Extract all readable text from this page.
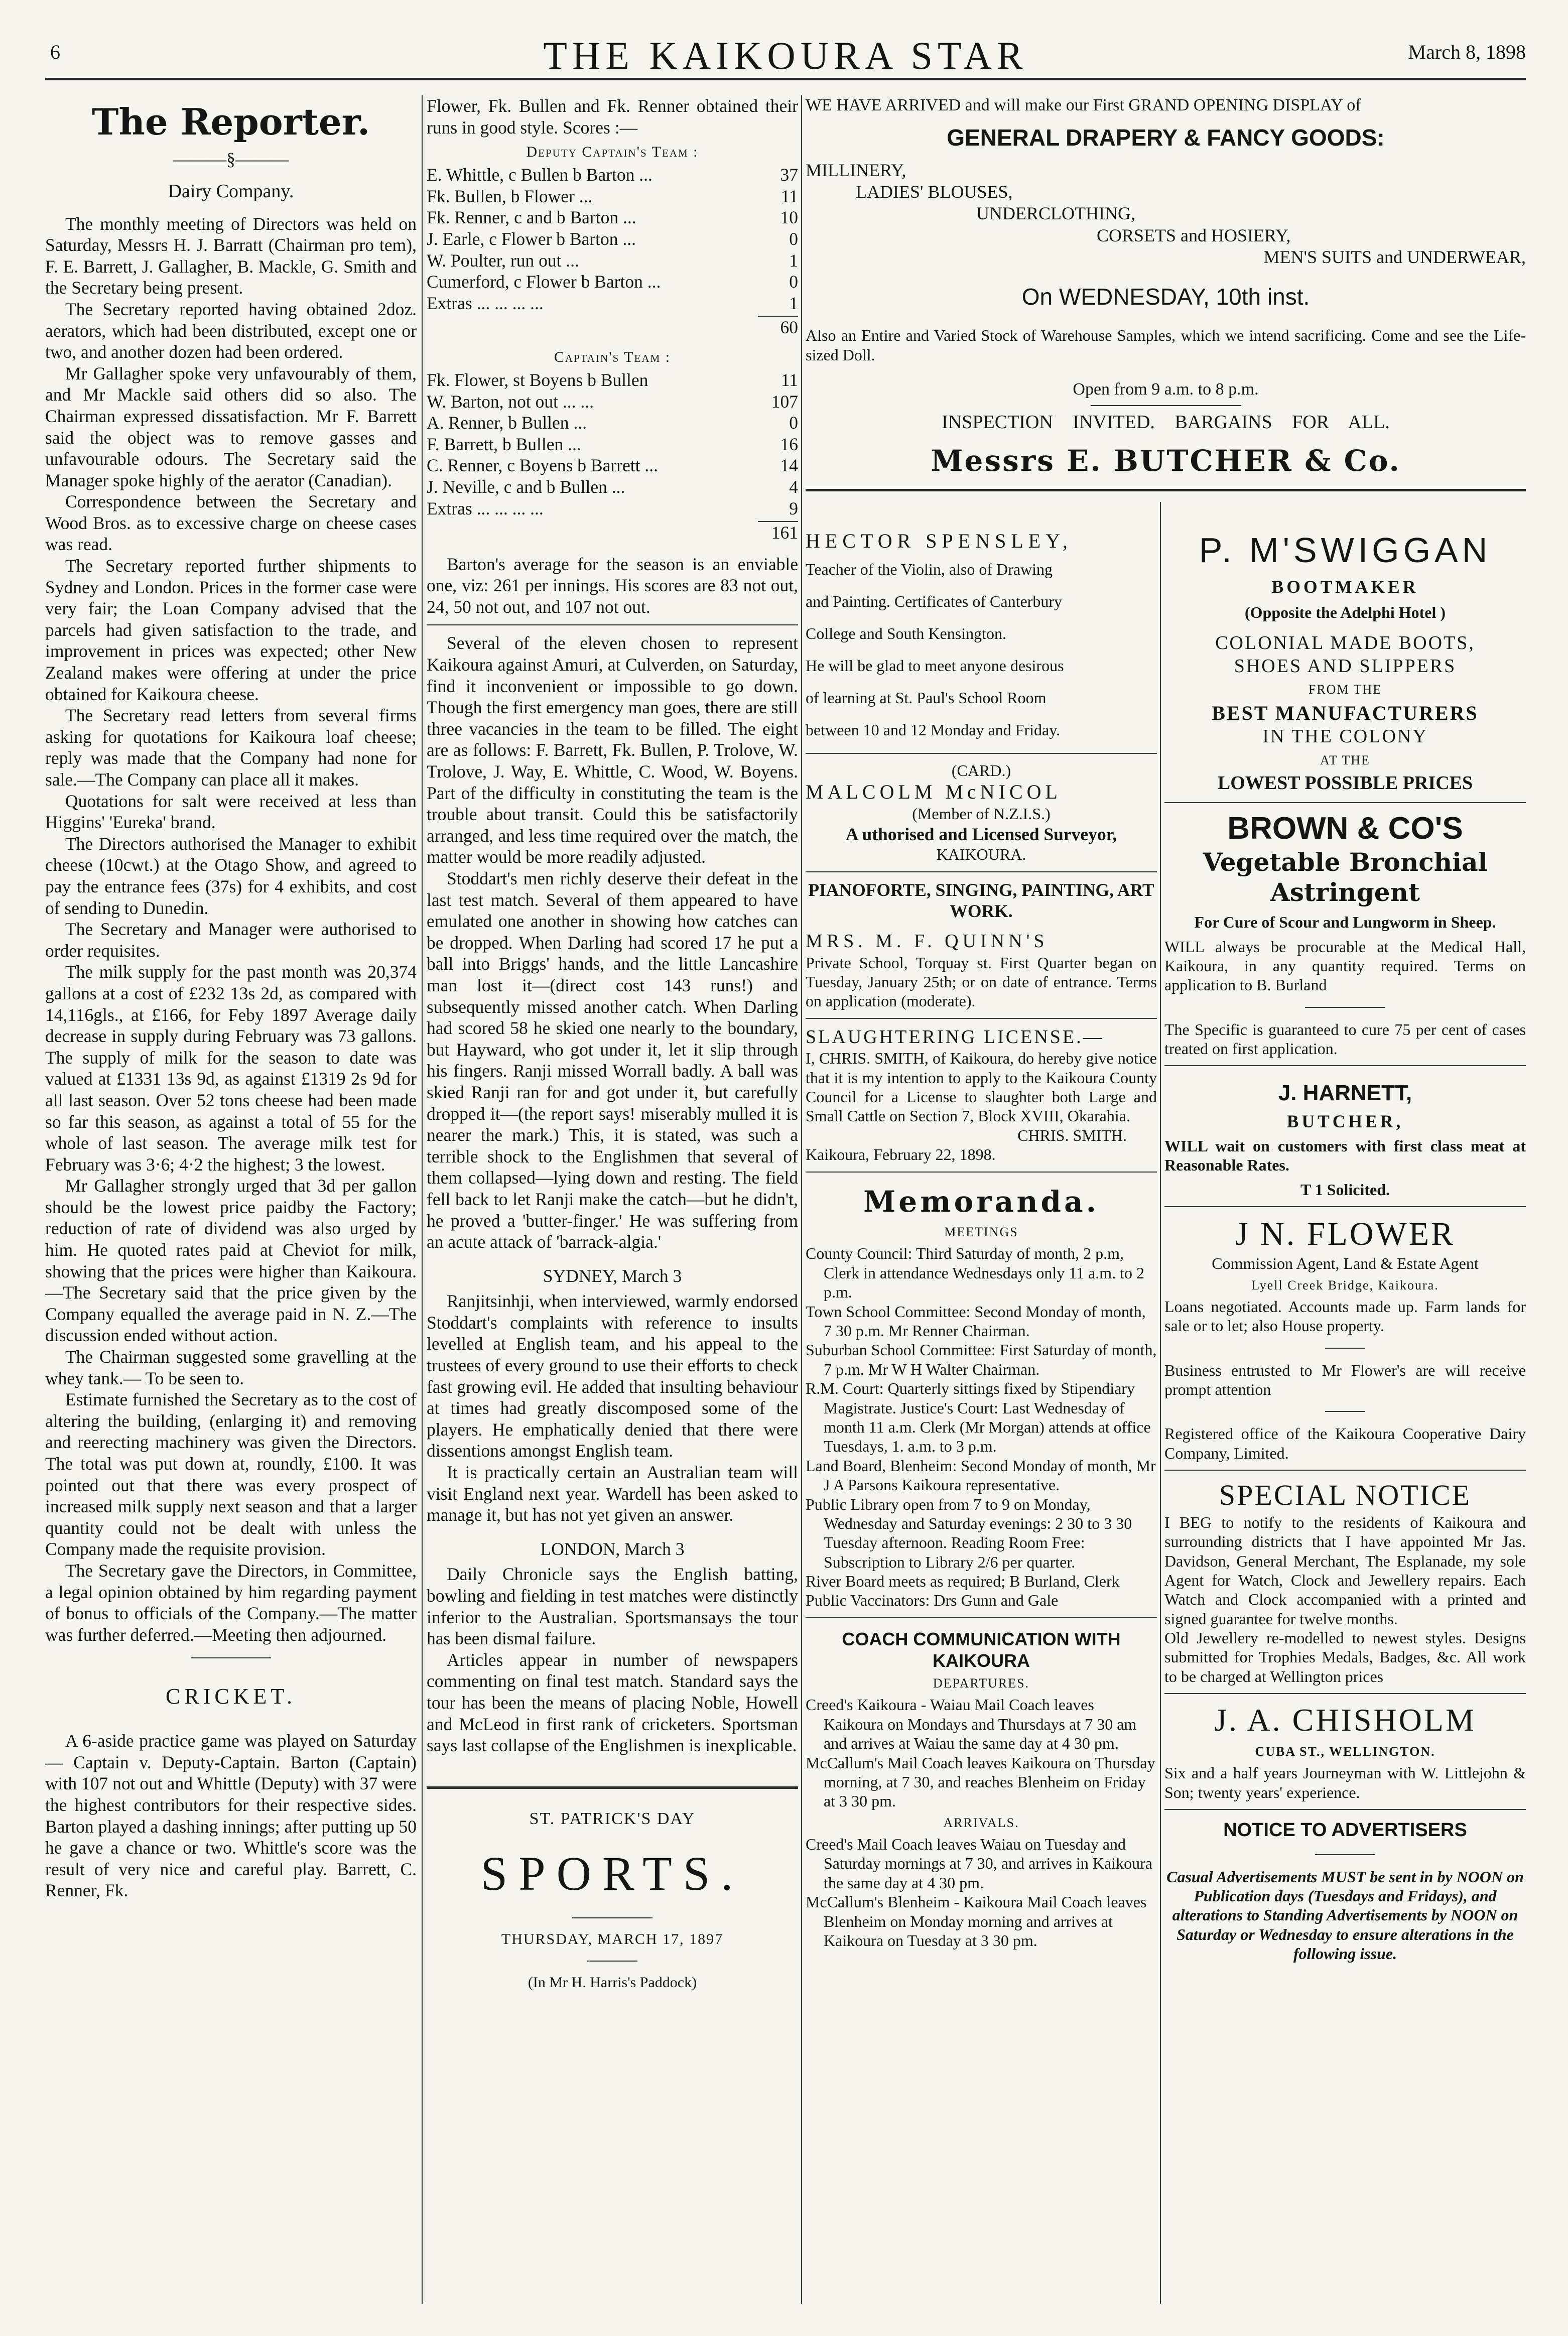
6	THE KAIKOURA STAR	March 8, 1898
The Reporter.
———§———
Dairy Company.

The monthly meeting of Directors was held on Saturday, Messrs H. J. Barratt (Chairman pro tem), F. E. Barrett, J. Gallagher, B. Mackle, G. Smith and the Secretary being present.

The Secretary reported having obtained 2doz. aerators, which had been distributed, except one or two, and another dozen had been ordered.

Mr Gallagher spoke very unfavourably of them, and Mr Mackle said others did so also. The Chairman expressed dissatisfaction. Mr F. Barrett said the object was to remove gasses and unfavourable odours. The Secretary said the Manager spoke highly of the aerator (Canadian).

Correspondence between the Secretary and Wood Bros. as to excessive charge on cheese cases was read.

The Secretary reported further shipments to Sydney and London. Prices in the former case were very fair; the Loan Company advised that the parcels had given satisfaction to the trade, and improvement in prices was expected; other New Zealand makes were offering at under the price obtained for Kaikoura cheese.

The Secretary read letters from several firms asking for quotations for Kaikoura loaf cheese; reply was made that the Company had none for sale.—The Company can place all it makes.

Quotations for salt were received at less than Higgins' 'Eureka' brand.

The Directors authorised the Manager to exhibit cheese (10cwt.) at the Otago Show, and agreed to pay the entrance fees (37s) for 4 exhibits, and cost of sending to Dunedin.

The Secretary and Manager were authorised to order requisites.

The milk supply for the past month was 20,374 gallons at a cost of £232 13s 2d, as compared with 14,116gls., at £166, for Feby 1897 Average daily decrease in supply during February was 73 gallons. The supply of milk for the season to date was valued at £1331 13s 9d, as against £1319 2s 9d for all last season. Over 52 tons cheese had been made so far this season, as against a total of 55 for the whole of last season. The average milk test for February was 3·6; 4·2 the highest; 3 the lowest.

Mr Gallagher strongly urged that 3d per gallon should be the lowest price paidby the Factory; reduction of rate of dividend was also urged by him. He quoted rates paid at Cheviot for milk, showing that the prices were higher than Kaikoura.—The Secretary said that the price given by the Company equalled the average paid in N. Z.—The discussion ended without action.

The Chairman suggested some gravelling at the whey tank.— To be seen to.

Estimate furnished the Secretary as to the cost of altering the building, (enlarging it) and removing and reerecting machinery was given the Directors. The total was put down at, roundly, £100. It was pointed out that there was every prospect of increased milk supply next season and that a larger quantity could not be dealt with unless the Company made the requisite provision.

The Secretary gave the Directors, in Committee, a legal opinion obtained by him regarding payment of bonus to officials of the Company.—The matter was further deferred.—Meeting then adjourned.

CRICKET.

A 6-aside practice game was played on Saturday — Captain v. Deputy-Captain. Barton (Captain) with 107 not out and Whittle (Deputy) with 37 were the highest contributors for their respective sides. Barton played a dashing innings; after putting up 50 he gave a chance or two. Whittle's score was the result of very nice and careful play. Barrett, C. Renner, Fk.

Flower, Fk. Bullen and Fk. Renner obtained their runs in good style. Scores :—

Deputy Captain's Team :
E. Whittle, c Bullen b Barton ...	37
Fk. Bullen, b Flower ...	11
Fk. Renner, c and b Barton ...	10
J. Earle, c Flower b Barton ...	0
W. Poulter, run out ...	1
Cumerford, c Flower b Barton ...	0
Extras ... ... ... ...	1
60
Captain's Team :
Fk. Flower, st Boyens b Bullen	11
W. Barton, not out ... ...	107
A. Renner, b Bullen ...	0
F. Barrett, b Bullen ...	16
C. Renner, c Boyens b Barrett ...	14
J. Neville, c and b Bullen ...	4
Extras ... ... ... ...	9
161

Barton's average for the season is an enviable one, viz: 261 per innings. His scores are 83 not out, 24, 50 not out, and 107 not out.

Several of the eleven chosen to represent Kaikoura against Amuri, at Culverden, on Saturday, find it inconvenient or impossible to go down. Though the first emergency man goes, there are still three vacancies in the team to be filled. The eight are as follows: F. Barrett, Fk. Bullen, P. Trolove, W. Trolove, J. Way, E. Whittle, C. Wood, W. Boyens. Part of the difficulty in constituting the team is the trouble about transit. Could this be satisfactorily arranged, and less time required over the match, the matter would be more readily adjusted.

Stoddart's men richly deserve their defeat in the last test match. Several of them appeared to have emulated one another in showing how catches can be dropped. When Darling had scored 17 he put a ball into Briggs' hands, and the little Lancashire man lost it—(direct cost 143 runs!) and subsequently missed another catch. When Darling had scored 58 he skied one nearly to the boundary, but Hayward, who got under it, let it slip through his fingers. Ranji missed Worrall badly. A ball was skied Ranji ran for and got under it, but carefully dropped it—(the report says! miserably mulled it is nearer the mark.) This, it is stated, was such a terrible shock to the Englishmen that several of them collapsed—lying down and resting. The field fell back to let Ranji make the catch—but he didn't, he proved a 'butter-finger.' He was suffering from an acute attack of 'barrack-algia.'

SYDNEY, March 3

Ranjitsinhji, when interviewed, warmly endorsed Stoddart's complaints with reference to insults levelled at English team, and his appeal to the trustees of every ground to use their efforts to check fast growing evil. He added that insulting behaviour at times had greatly discomposed some of the players. He emphatically denied that there were dissentions amongst English team.

It is practically certain an Australian team will visit England next year. Wardell has been asked to manage it, but has not yet given an answer.

LONDON, March 3

Daily Chronicle says the English batting, bowling and fielding in test matches were distinctly inferior to the Australian. Sportsmansays the tour has been dismal failure.

Articles appear in number of newspapers commenting on final test match. Standard says the tour has been the means of placing Noble, Howell and McLeod in first rank of cricketers. Sportsman says last collapse of the Englishmen is inexplicable.

ST. PATRICK'S DAY
SPORTS.
THURSDAY, MARCH 17, 1897
(In Mr H. Harris's Paddock)

WE HAVE ARRIVED and will make our First GRAND OPENING DISPLAY of

GENERAL DRAPERY & FANCY GOODS:
MILLINERY,
LADIES' BLOUSES,
UNDERCLOTHING,
CORSETS and HOSIERY,
MEN'S SUITS and UNDERWEAR,
On WEDNESDAY, 10th inst.

Also an Entire and Varied Stock of Warehouse Samples, which we intend sacrificing. Come and see the Life-sized Doll.

Open from 9 a.m. to 8 p.m.
INSPECTION INVITED. BARGAINS FOR ALL.
Messrs E. BUTCHER & Co.
HECTOR SPENSLEY,
Teacher of the Violin, also of Drawing
and Painting. Certificates of Canterbury
College and South Kensington.
He will be glad to meet anyone desirous
of learning at St. Paul's School Room
between 10 and 12 Monday and Friday.
(CARD.)
MALCOLM McNICOL
(Member of N.Z.I.S.)
A uthorised and Licensed Surveyor,
KAIKOURA.
PIANOFORTE, SINGING, PAINTING, ART WORK.
MRS. M. F. QUINN'S

Private School, Torquay st. First Quarter began on Tuesday, January 25th; or on date of entrance. Terms on application (moderate).

SLAUGHTERING LICENSE.—

I, CHRIS. SMITH, of Kaikoura, do hereby give notice that it is my intention to apply to the Kaikoura County Council for a License to slaughter both Large and Small Cattle on Section 7, Block XVIII, Okarahia.

CHRIS. SMITH.
Kaikoura, February 22, 1898.
Memoranda.
MEETINGS

County Council: Third Saturday of month, 2 p.m, Clerk in attendance Wednesdays only 11 a.m. to 2 p.m.

Town School Committee: Second Monday of month, 7 30 p.m. Mr Renner Chairman.

Suburban School Committee: First Saturday of month, 7 p.m. Mr W H Walter Chairman.

R.M. Court: Quarterly sittings fixed by Stipendiary Magistrate. Justice's Court: Last Wednesday of month 11 a.m. Clerk (Mr Morgan) attends at office Tuesdays, 1. a.m. to 3 p.m.

Land Board, Blenheim: Second Monday of month, Mr J A Parsons Kaikoura representative.

Public Library open from 7 to 9 on Monday, Wednesday and Saturday evenings: 2 30 to 3 30 Tuesday afternoon. Reading Room Free: Subscription to Library 2/6 per quarter.

River Board meets as required; B Burland, Clerk

Public Vaccinators: Drs Gunn and Gale

COACH COMMUNICATION WITH KAIKOURA
DEPARTURES.

Creed's Kaikoura - Waiau Mail Coach leaves Kaikoura on Mondays and Thursdays at 7 30 am and arrives at Waiau the same day at 4 30 pm.

McCallum's Mail Coach leaves Kaikoura on Thursday morning, at 7 30, and reaches Blenheim on Friday at 3 30 pm.

ARRIVALS.

Creed's Mail Coach leaves Waiau on Tuesday and Saturday mornings at 7 30, and arrives in Kaikoura the same day at 4 30 pm.

McCallum's Blenheim - Kaikoura Mail Coach leaves Blenheim on Monday morning and arrives at Kaikoura on Tuesday at 3 30 pm.

P. M'SWIGGAN
BOOTMAKER
(Opposite the Adelphi Hotel )
COLONIAL MADE BOOTS,
SHOES AND SLIPPERS
FROM THE
BEST MANUFACTURERS
IN THE COLONY
AT THE
LOWEST POSSIBLE PRICES
BROWN & CO'S
Vegetable Bronchial Astringent
For Cure of Scour and Lungworm in Sheep.

WILL always be procurable at the Medical Hall, Kaikoura, in any quantity required. Terms on application to B. Burland

The Specific is guaranteed to cure 75 per cent of cases treated on first application.

J. HARNETT,
BUTCHER,

WILL wait on customers with first class meat at Reasonable Rates.

T 1 Solicited.
J N. FLOWER
Commission Agent, Land & Estate Agent
Lyell Creek Bridge, Kaikoura.

Loans negotiated. Accounts made up. Farm lands for sale or to let; also House property.

Business entrusted to Mr Flower's are will receive prompt attention

Registered office of the Kaikoura Cooperative Dairy Company, Limited.

SPECIAL NOTICE

I BEG to notify to the residents of Kaikoura and surrounding districts that I have appointed Mr Jas. Davidson, General Merchant, The Esplanade, my sole Agent for Watch, Clock and Jewellery repairs. Each Watch and Clock accompanied with a printed and signed guarantee for twelve months.

Old Jewellery re-modelled to newest styles. Designs submitted for Trophies Medals, Badges, &c. All work to be charged at Wellington prices

J. A. CHISHOLM
CUBA ST., WELLINGTON.

Six and a half years Journeyman with W. Littlejohn & Son; twenty years' experience.

NOTICE TO ADVERTISERS

Casual Advertisements MUST be sent in by NOON on Publication days (Tuesdays and Fridays), and alterations to Standing Advertisements by NOON on Saturday or Wednesday to ensure alterations in the following issue.
